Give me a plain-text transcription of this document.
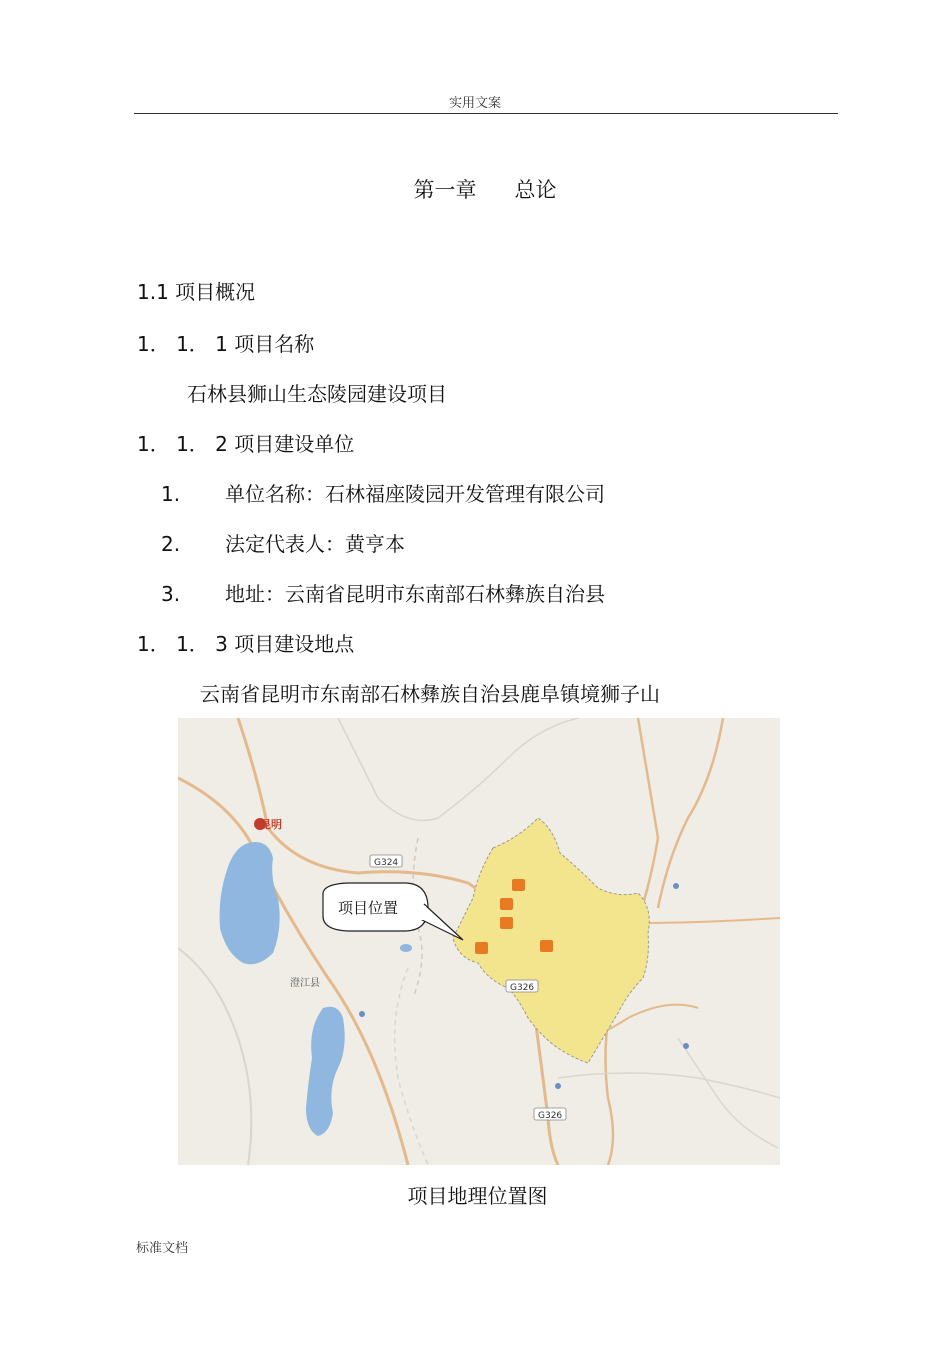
实用文案
第一章 总论
1.1 项目概况
1． 1． 1 项目名称
石林县狮山生态陵园建设项目
1． 1． 2 项目建设单位
1. 单位名称：石林福座陵园开发管理有限公司
2. 法定代表人：黄亨本
3. 地址：云南省昆明市东南部石林彝族自治县
1． 1． 3 项目建设地点
云南省昆明市东南部石林彝族自治县鹿阜镇境狮子山
昆明
澄江县
G324
G326
G326
项目位置
项目地理位置图
标准文档
